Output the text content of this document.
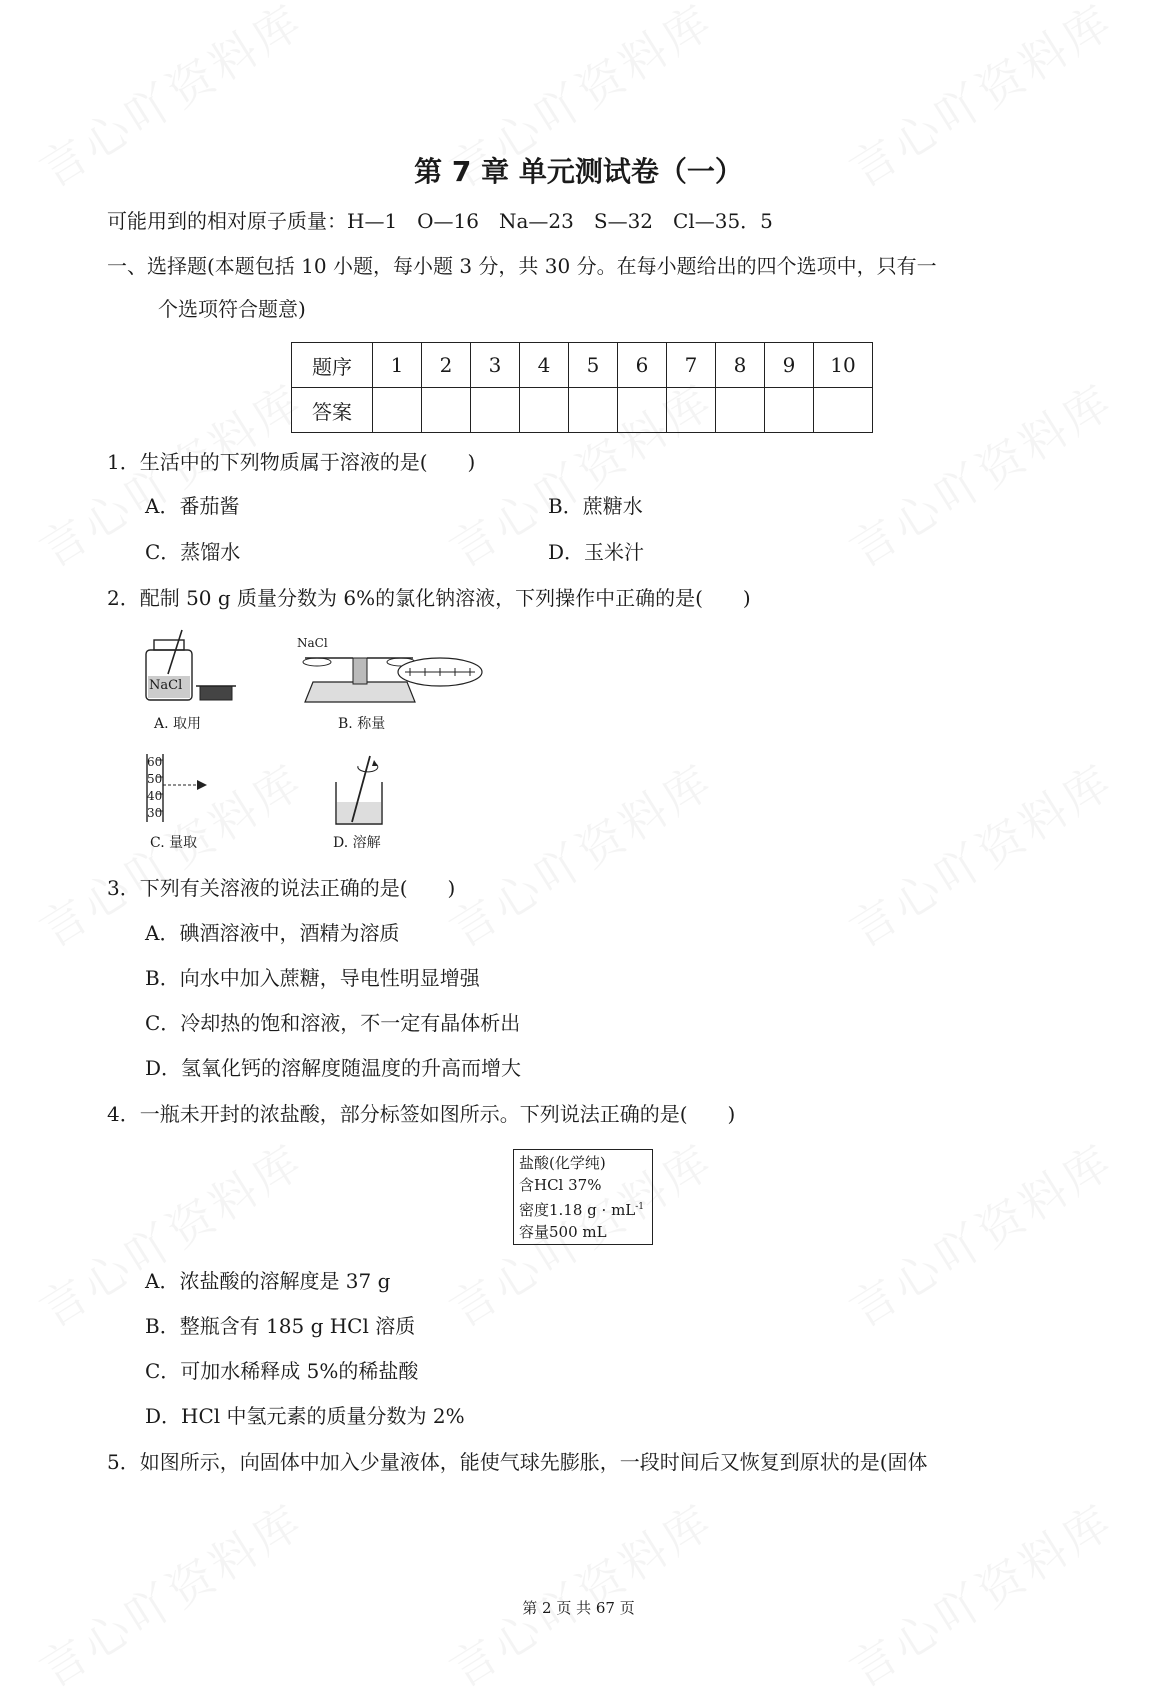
第 7 章 单元测试卷（一）
可能用到的相对原子质量：H—1　O—16　Na—23　S—32　Cl—35．5
一、选择题(本题包括 10 小题，每小题 3 分，共 30 分。在每小题给出的四个选项中，只有一
个选项符合题意)
题序	1	2	3	4	5	6	7	8	9	10
答案										
1．生活中的下列物质属于溶液的是(　　)
A．番茄酱	B．蔗糖水
C．蒸馏水	D．玉米汁
2．配制 50 g 质量分数为 6%的氯化钠溶液，下列操作中正确的是(　　)
NaCl
A. 取用
NaCl
B. 称量
60
50
40
30
C. 量取	D. 溶解
3．下列有关溶液的说法正确的是(　　)
A．碘酒溶液中，酒精为溶质
B．向水中加入蔗糖，导电性明显增强
C．冷却热的饱和溶液，不一定有晶体析出
D．氢氧化钙的溶解度随温度的升高而增大
4．一瓶未开封的浓盐酸，部分标签如图所示。下列说法正确的是(　　)
盐酸(化学纯)
含HCl 37%
密度1.18 $g \cdot mL^{-1}$
容量500 mL
A．浓盐酸的溶解度是 37 g
B．整瓶含有 185 g HCl 溶质
C．可加水稀释成 5%的稀盐酸
D．HCl 中氢元素的质量分数为 2%
5．如图所示，向固体中加入少量液体，能使气球先膨胀，一段时间后又恢复到原状的是(固体
第 2 页 共 67 页
